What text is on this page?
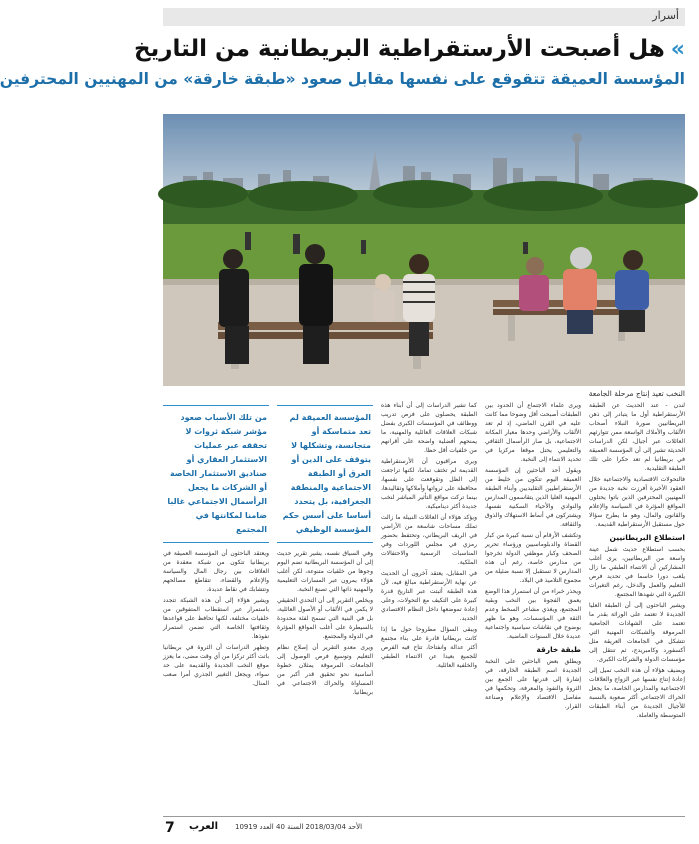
أسرار
»
هل أصبحت الأرستقراطية البريطانية من التاريخ
المؤسسة العميقة تتقوقع على نفسها مقابل صعود «طبقة خارقة» من المهنيين المحترفين
النخب تعيد إنتاج مرحلة الجامعة

لندن - عند الحديث عن الطبقة الأرستقراطية أول ما يتبادر إلى ذهن البريطانيين صورة النبلاء أصحاب الألقاب والأملاك الواسعة ممن تتوارثهم العائلات عبر أجيال، لكن الدراسات الحديثة تشير إلى أن المؤسسة العميقة في بريطانيا لم تعد حكرا على تلك الطبقة التقليدية.

فالتحولات الاقتصادية والاجتماعية خلال العقود الأخيرة أفرزت نخبة جديدة من المهنيين المحترفين الذين باتوا يحتلون المواقع المؤثرة في السياسة والإعلام والقانون والمال، وهو ما يطرح سؤالا حول مستقبل الأرستقراطية القديمة.

استطلاع البريطانيين

بحسب استطلاع حديث شمل عينة واسعة من البريطانيين، يرى أغلب المشاركين أن الانتماء الطبقي ما زال يلعب دورا حاسما في تحديد فرص التعليم والعمل والدخل، رغم التغيرات الكبيرة التي شهدها المجتمع.

ويشير الباحثون إلى أن الطبقة العليا الجديدة لا تعتمد على الوراثة بقدر ما تعتمد على الشهادات الجامعية المرموقة والشبكات المهنية التي تتشكل في الجامعات العريقة مثل أكسفورد وكامبريدج، ثم تنتقل إلى مؤسسات الدولة والشركات الكبرى.

ويضيف هؤلاء أن هذه النخب تميل إلى إعادة إنتاج نفسها عبر الزواج والعلاقات الاجتماعية والمدارس الخاصة، ما يجعل الحراك الاجتماعي أكثر صعوبة بالنسبة للأجيال الجديدة من أبناء الطبقات المتوسطة والعاملة.

ويرى علماء الاجتماع أن الحدود بين الطبقات أصبحت أقل وضوحا مما كانت عليه في القرن الماضي، إذ لم تعد الألقاب والأراضي وحدها معيار المكانة الاجتماعية، بل صار الرأسمال الثقافي والتعليمي يحتل موقعا مركزيا في تحديد الانتماء إلى النخبة.

ويقول أحد الباحثين إن المؤسسة العميقة اليوم تتكون من خليط من الأرستقراطيين التقليديين وأبناء الطبقة المهنية العليا الذين يتقاسمون المدارس والنوادي والأحياء السكنية نفسها، ويشتركون في أنماط الاستهلاك والذوق والثقافة.

وتكشف الأرقام أن نسبة كبيرة من كبار القضاة والدبلوماسيين ورؤساء تحرير الصحف وكبار موظفي الدولة تخرجوا من مدارس خاصة، رغم أن هذه المدارس لا تستقبل إلا نسبة ضئيلة من مجموع التلاميذ في البلاد.

ويحذر خبراء من أن استمرار هذا الوضع يعمق الفجوة بين النخب وبقية المجتمع، ويغذي مشاعر السخط وعدم الثقة في المؤسسات، وهو ما ظهر بوضوح في نقاشات سياسية واجتماعية عديدة خلال السنوات الماضية.

طبقة خارقة

ويطلق بعض الباحثين على النخبة الجديدة اسم الطبقة الخارقة، في إشارة إلى قدرتها على الجمع بين الثروة والنفوذ والمعرفة، وتحكمها في مفاصل الاقتصاد والإعلام وصناعة القرار.

كما تشير الدراسات إلى أن أبناء هذه الطبقة يحصلون على فرص تدريب ووظائف في المؤسسات الكبرى بفضل شبكات العلاقات العائلية والمهنية، ما يمنحهم أفضلية واضحة على أقرانهم من خلفيات أقل حظا.

ويرى مراقبون أن الأرستقراطية القديمة لم تختف تماما، لكنها تراجعت إلى الظل وتقوقعت على نفسها، محافظة على ثرواتها وأملاكها وتقاليدها، بينما تركت مواقع التأثير المباشر لنخب جديدة أكثر ديناميكية.

ويؤكد هؤلاء أن العائلات النبيلة ما زالت تملك مساحات شاسعة من الأراضي في الريف البريطاني، وتحتفظ بحضور رمزي في مجلس اللوردات وفي المناسبات الرسمية والاحتفالات الملكية.

في المقابل، يعتقد آخرون أن الحديث عن نهاية الأرستقراطية مبالغ فيه، لأن هذه الطبقة أثبتت عبر التاريخ قدرة كبيرة على التكيف مع التحولات، وعلى إعادة تموضعها داخل النظام الاقتصادي الجديد.

ويبقى السؤال مطروحا حول ما إذا كانت بريطانيا قادرة على بناء مجتمع أكثر عدالة وانفتاحا، تتاح فيه الفرص للجميع بعيدا عن الانتماء الطبقي والخلفية العائلية.

المؤسسة العميقة لم تعد متماسكة أو متجانسة، وتشكلها لا يتوقف على الدين أو العرق أو الطبقة الاجتماعية والمنطقة الجغرافية، بل يتحدد أساسا على أسس حكم المؤسسة الوظيفي

وفي السياق نفسه، يشير تقرير حديث إلى أن المؤسسة البريطانية تضم اليوم وجوها من خلفيات متنوعة، لكن أغلب هؤلاء يمرون عبر المسارات التعليمية والمهنية ذاتها التي تصنع النخبة.

ويخلص التقرير إلى أن التحدي الحقيقي لا يكمن في الألقاب أو الأصول العائلية، بل في البنية التي تسمح لفئة محدودة بالسيطرة على أغلب المواقع المؤثرة في الدولة والمجتمع.

ويرى معدو التقرير أن إصلاح نظام التعليم وتوسيع فرص الوصول إلى الجامعات المرموقة يمثلان خطوة أساسية نحو تحقيق قدر أكبر من المساواة والحراك الاجتماعي في بريطانيا.

من تلك الأسباب صعود مؤشر شبكة ثروات لا تحققه عبر عمليات الاستثمار العقاري أو صناديق الاستثمار الخاصة أو الشركات ما يجعل الرأسمال الاجتماعي غالبا ضامنا لمكانتها في المجتمع

ويعتقد الباحثون أن المؤسسة العميقة في بريطانيا تتكون من شبكة معقدة من العلاقات بين رجال المال والسياسة والإعلام والقضاء، تتقاطع مصالحهم وتتشابك في نقاط عديدة.

ويشير هؤلاء إلى أن هذه الشبكة تتجدد باستمرار عبر استقطاب المتفوقين من خلفيات مختلفة، لكنها تحافظ على قواعدها وثقافتها الخاصة التي تضمن استمرار نفوذها.

وتظهر الدراسات أن الثروة في بريطانيا باتت أكثر تركزا من أي وقت مضى، ما يعزز موقع النخب الجديدة والقديمة على حد سواء، ويجعل التغيير الجذري أمرا صعب المنال.

7 العرب الأحد 2018/03/04 السنة 40 العدد 10919
